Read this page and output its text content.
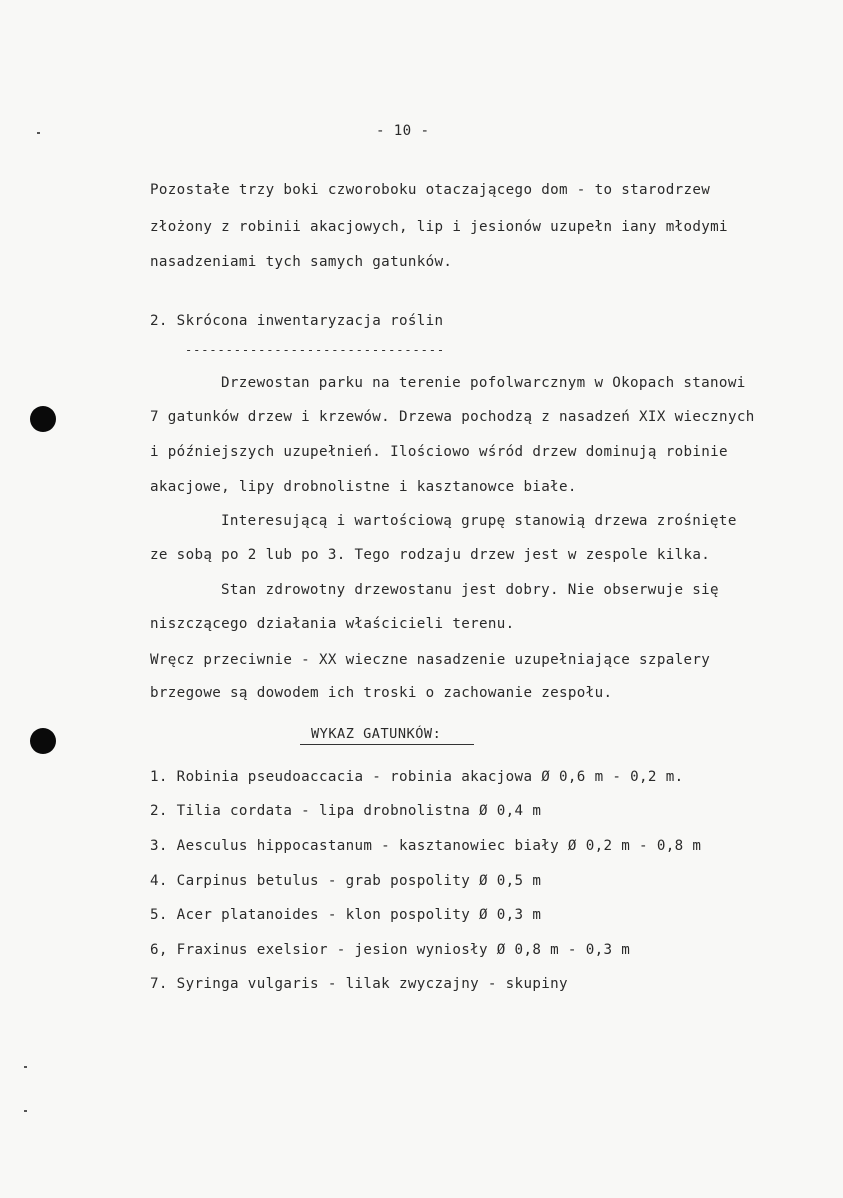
- 10 -
Pozostałe trzy boki czworoboku otaczającego dom - to starodrzew
złożony z robinii akacjowych, lip i jesionów uzupełn iany młodymi
nasadzeniami tych samych gatunków.
2. Skrócona inwentaryzacja roślin
--------------------------------
Drzewostan parku na terenie pofolwarcznym w Okopach stanowi
7 gatunków drzew i krzewów. Drzewa pochodzą z nasadzeń XIX wiecznych
i późniejszych uzupełnień. Ilościowo wśród drzew dominują robinie
akacjowe, lipy drobnolistne i kasztanowce białe.
Interesującą i wartościową grupę stanowią drzewa zrośnięte
ze sobą po 2 lub po 3. Tego rodzaju drzew jest w zespole kilka.
Stan zdrowotny drzewostanu jest dobry. Nie obserwuje się
niszczącego działania właścicieli terenu.
Wręcz przeciwnie - XX wieczne nasadzenie uzupełniające szpalery
brzegowe są dowodem ich troski o zachowanie zespołu.
WYKAZ GATUNKÓW:
1. Robinia pseudoaccacia - robinia akacjowa Ø 0,6 m - 0,2 m.
2. Tilia cordata - lipa drobnolistna Ø 0,4 m
3. Aesculus hippocastanum - kasztanowiec biały Ø 0,2 m - 0,8 m
4. Carpinus betulus - grab pospolity Ø 0,5 m
5. Acer platanoides - klon pospolity Ø 0,3 m
6, Fraxinus exelsior - jesion wyniosły Ø 0,8 m - 0,3 m
7. Syringa vulgaris - lilak zwyczajny - skupiny
